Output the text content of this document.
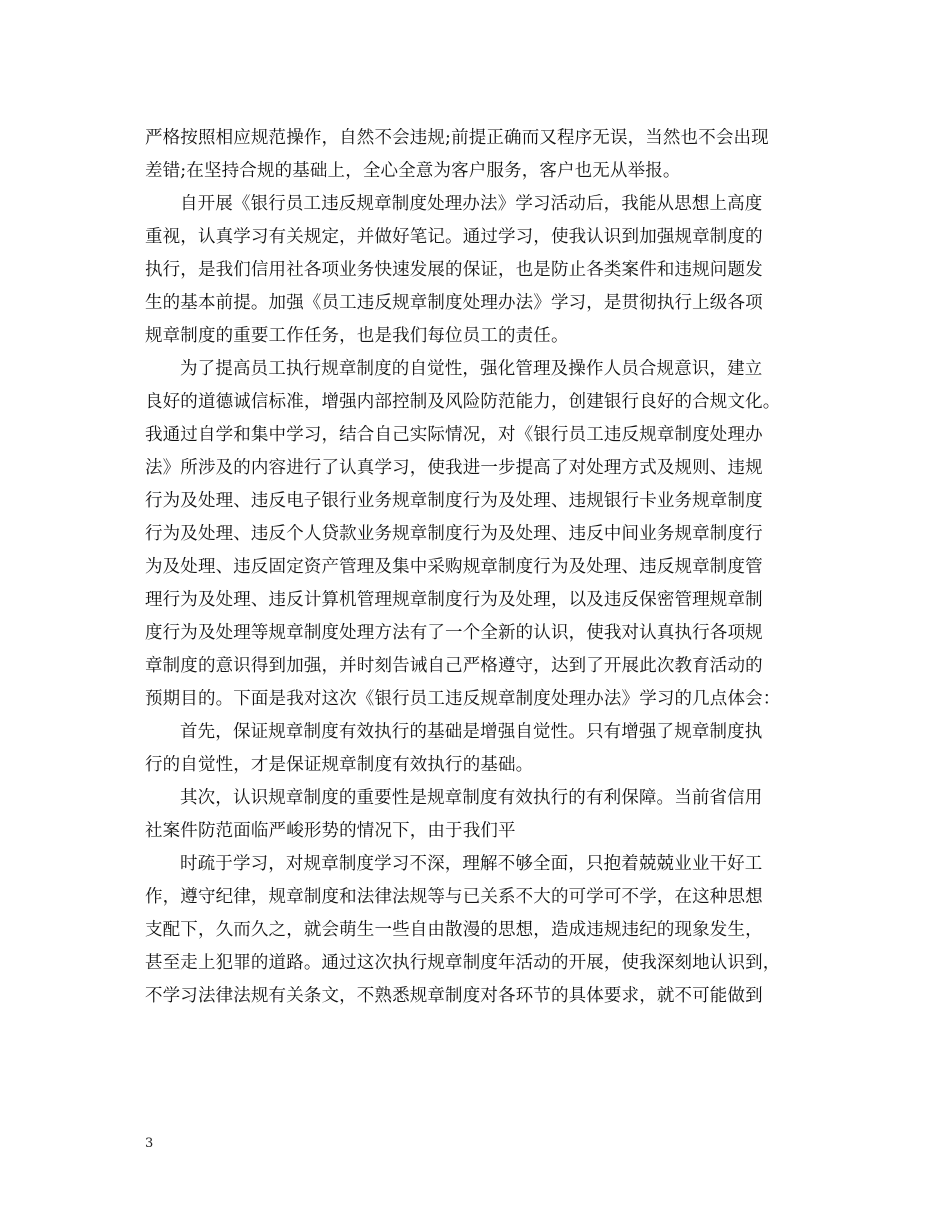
严格按照相应规范操作，自然不会违规;前提正确而又程序无误，当然也不会出现
差错;在坚持合规的基础上，全心全意为客户服务，客户也无从举报。
自开展《银行员工违反规章制度处理办法》学习活动后，我能从思想上高度
重视，认真学习有关规定，并做好笔记。通过学习，使我认识到加强规章制度的
执行，是我们信用社各项业务快速发展的保证，也是防止各类案件和违规问题发
生的基本前提。加强《员工违反规章制度处理办法》学习，是贯彻执行上级各项
规章制度的重要工作任务，也是我们每位员工的责任。
为了提高员工执行规章制度的自觉性，强化管理及操作人员合规意识，建立
良好的道德诚信标准，增强内部控制及风险防范能力，创建银行良好的合规文化。
我通过自学和集中学习，结合自己实际情况，对《银行员工违反规章制度处理办
法》所涉及的内容进行了认真学习，使我进一步提高了对处理方式及规则、违规
行为及处理、违反电子银行业务规章制度行为及处理、违规银行卡业务规章制度
行为及处理、违反个人贷款业务规章制度行为及处理、违反中间业务规章制度行
为及处理、违反固定资产管理及集中采购规章制度行为及处理、违反规章制度管
理行为及处理、违反计算机管理规章制度行为及处理，以及违反保密管理规章制
度行为及处理等规章制度处理方法有了一个全新的认识，使我对认真执行各项规
章制度的意识得到加强，并时刻告诫自己严格遵守，达到了开展此次教育活动的
预期目的。下面是我对这次《银行员工违反规章制度处理办法》学习的几点体会：
首先，保证规章制度有效执行的基础是增强自觉性。只有增强了规章制度执
行的自觉性，才是保证规章制度有效执行的基础。
其次，认识规章制度的重要性是规章制度有效执行的有利保障。当前省信用
社案件防范面临严峻形势的情况下，由于我们平
时疏于学习，对规章制度学习不深，理解不够全面，只抱着兢兢业业干好工
作，遵守纪律，规章制度和法律法规等与已关系不大的可学可不学，在这种思想
支配下，久而久之，就会萌生一些自由散漫的思想，造成违规违纪的现象发生，
甚至走上犯罪的道路。通过这次执行规章制度年活动的开展，使我深刻地认识到，
不学习法律法规有关条文，不熟悉规章制度对各环节的具体要求，就不可能做到
3
